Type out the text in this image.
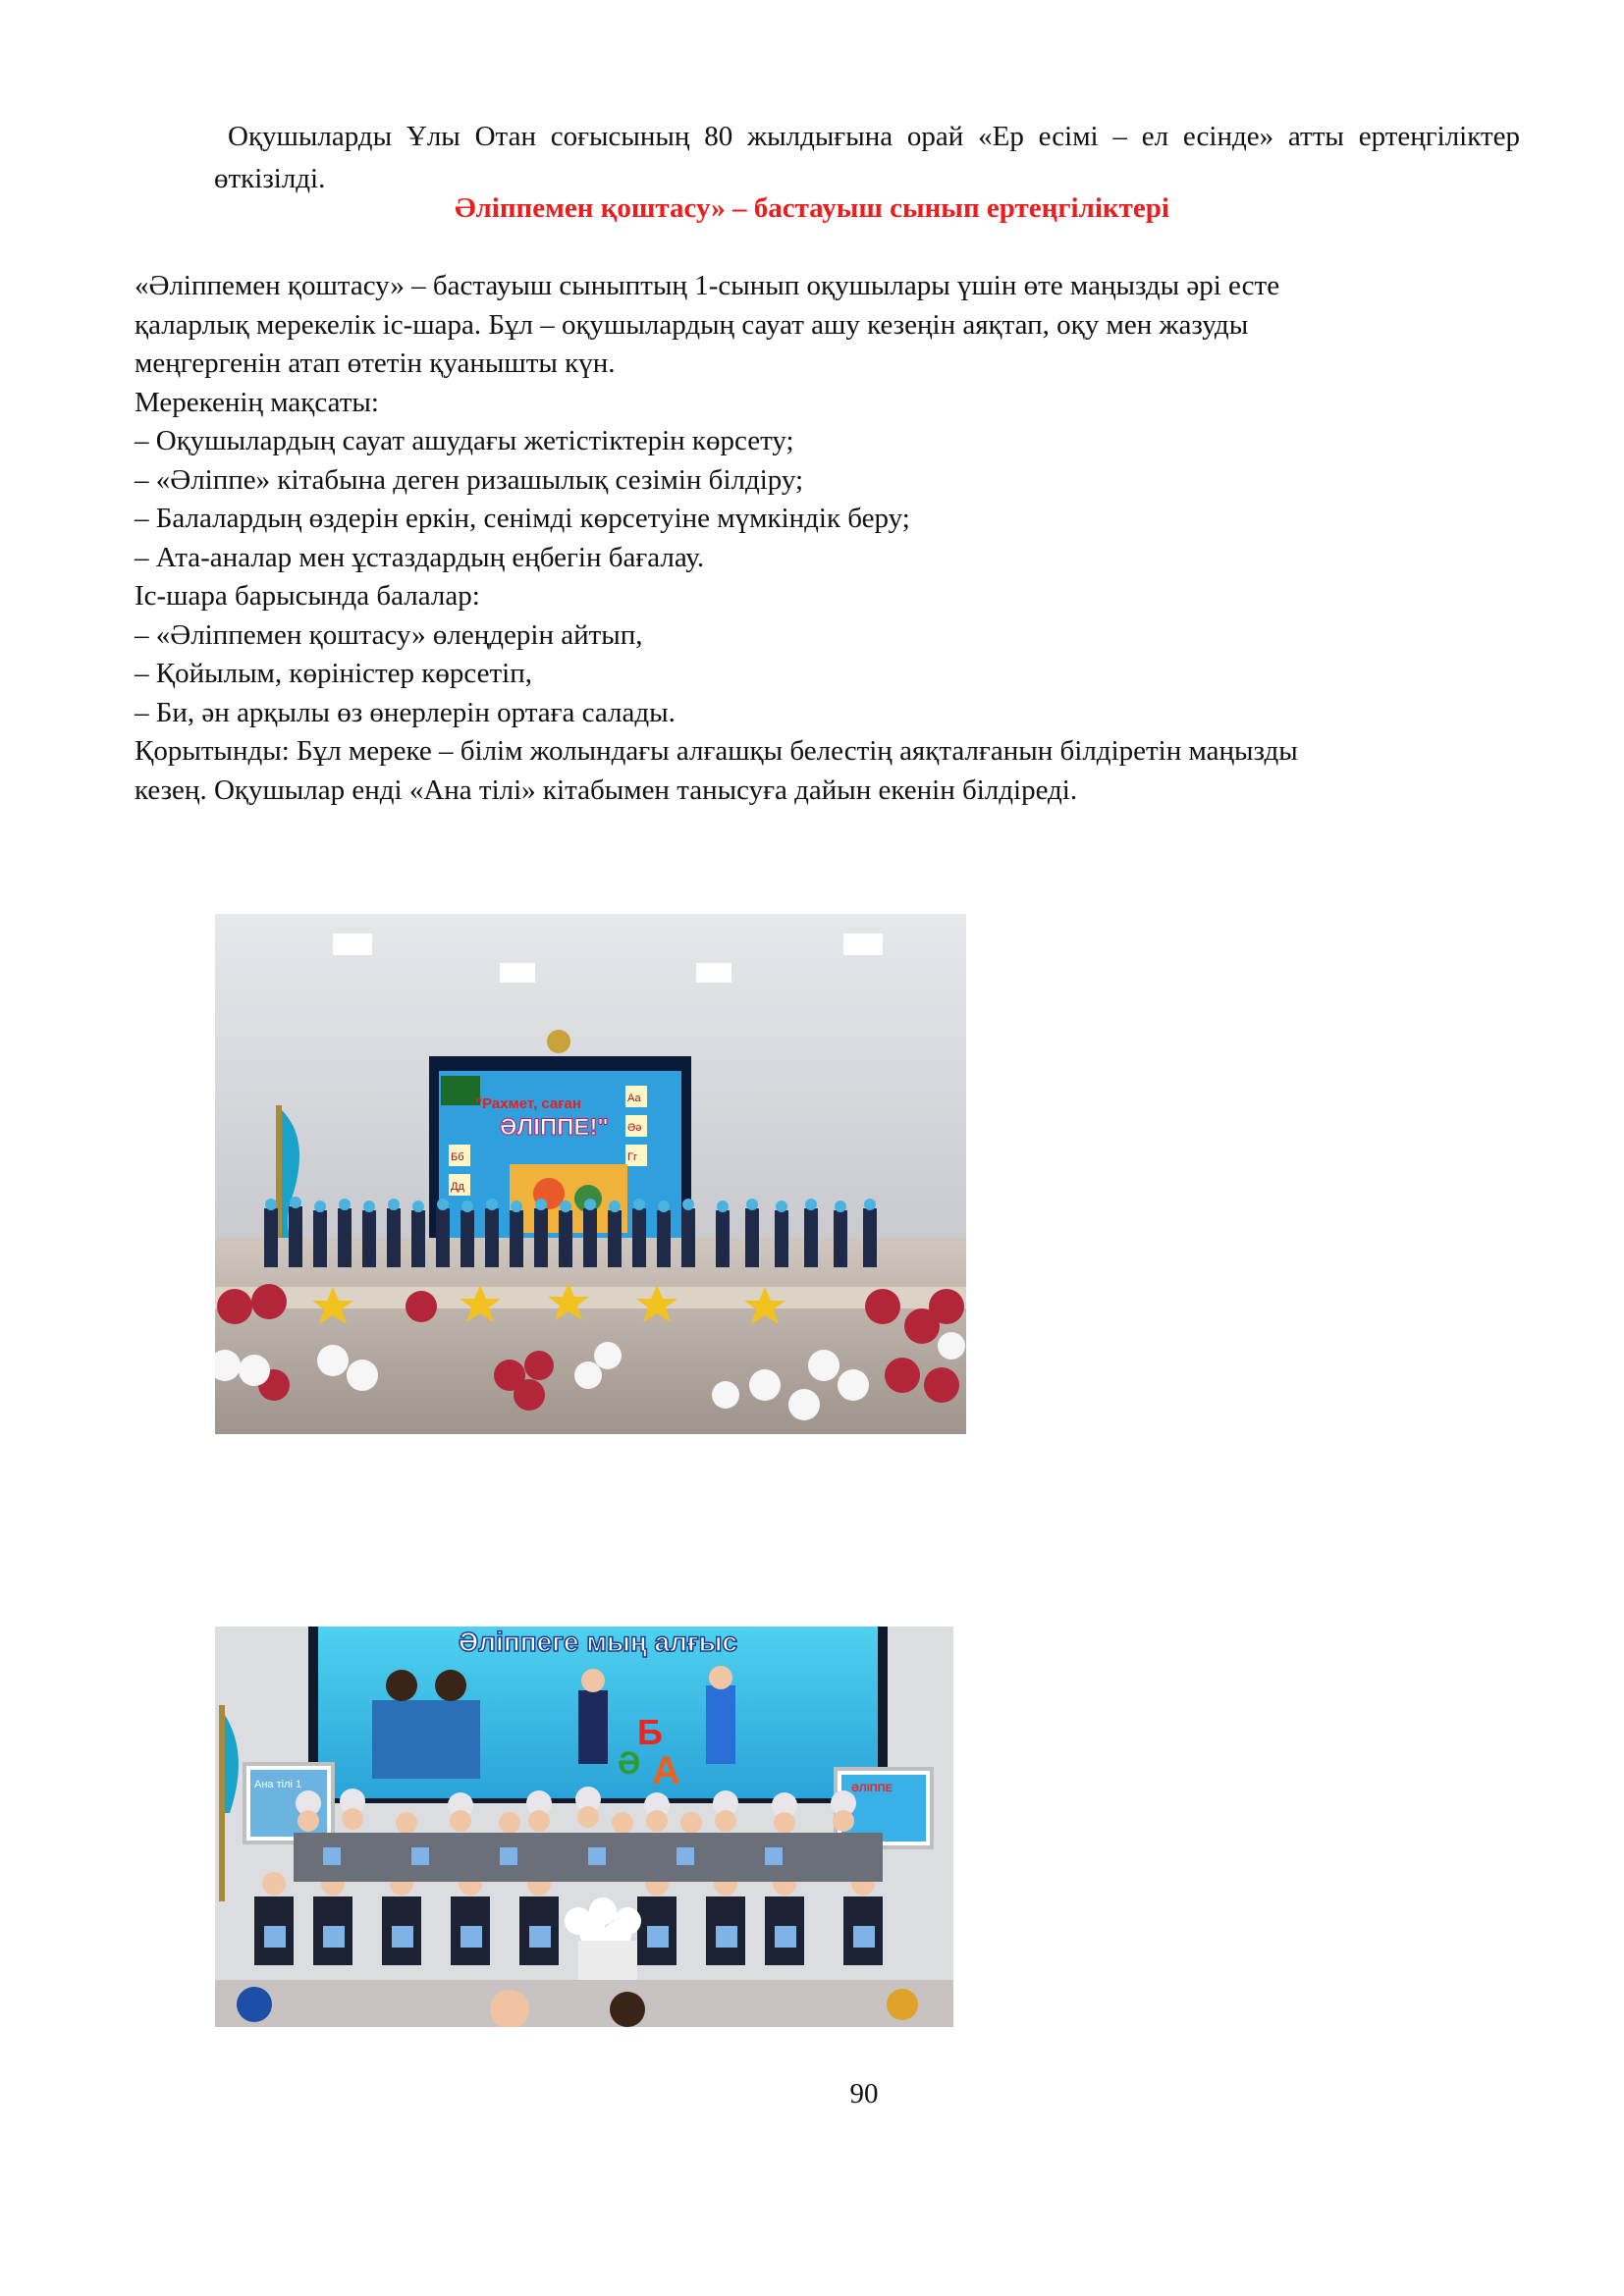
Оқушыларды Ұлы Отан соғысының 80 жылдығына орай «Ер есімі – ел есінде» атты ертеңгіліктер өткізілді.
Әліппемен қоштасу» – бастауыш сынып ертеңгіліктері

«Әліппемен қоштасу» – бастауыш сыныптың 1-сынып оқушылары үшін өте маңызды әрі есте

қаларлық мерекелік іс-шара. Бұл – оқушылардың сауат ашу кезеңін аяқтап, оқу мен жазуды

меңгергенін атап өтетін қуанышты күн.

Мерекенің мақсаты:

– Оқушылардың сауат ашудағы жетістіктерін көрсету;

– «Әліппе» кітабына деген ризашылық сезімін білдіру;

– Балалардың өздерін еркін, сенімді көрсетуіне мүмкіндік беру;

– Ата-аналар мен ұстаздардың еңбегін бағалау.

Іс-шара барысында балалар:

– «Әліппемен қоштасу» өлеңдерін айтып,

– Қойылым, көріністер көрсетіп,

– Би, ән арқылы өз өнерлерін ортаға салады.

Қорытынды: Бұл мереке – білім жолындағы алғашқы белестің аяқталғанын білдіретін маңызды

кезең. Оқушылар енді «Ана тілі» кітабымен танысуға дайын екенін білдіреді.

"Рахмет, саған
ӘЛІППЕ!"
Аа
Әә
Бб
Дд
Гг
Әліппеге мың алғыс
Б
Ә А
Ана тілі 1	ӘЛІППЕ
90
